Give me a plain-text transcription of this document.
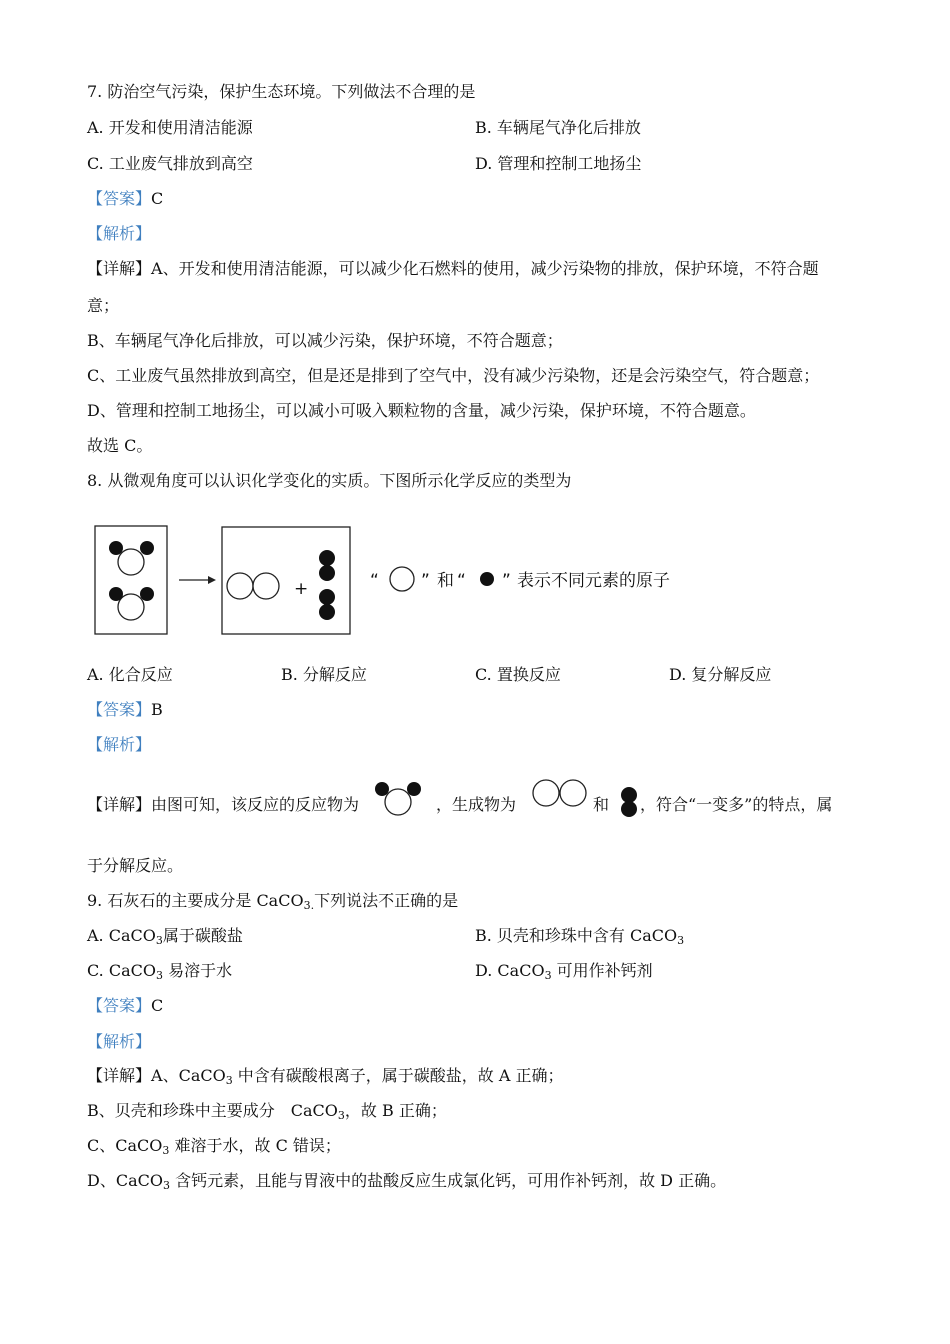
7. 防治空气污染，保护生态环境。下列做法不合理的是
A. 开发和使用清洁能源	B. 车辆尾气净化后排放
C. 工业废气排放到高空	D. 管理和控制工地扬尘
【答案】C
【解析】
【详解】A、开发和使用清洁能源，可以减少化石燃料的使用，减少污染物的排放，保护环境，不符合题
意；
B、车辆尾气净化后排放，可以减少污染，保护环境，不符合题意；
C、工业废气虽然排放到高空，但是还是排到了空气中，没有减少污染物，还是会污染空气，符合题意；
D、管理和控制工地扬尘，可以减小可吸入颗粒物的含量，减少污染，保护环境，不符合题意。
故选 C。
8. 从微观角度可以认识化学变化的实质。下图所示化学反应的类型为
+	“ ” 和 “ ” 表示不同元素的原子
A. 化合反应	B. 分解反应	C. 置换反应	D. 复分解反应
【答案】B
【解析】
【详解】由图可知，该反应的反应物为	，生成物为	和 ，符合“一变多”的特点，属
于分解反应。
9. 石灰石的主要成分是 CaCO$_{3.}$下列说法不正确的是
A. CaCO$_3$属于碳酸盐	B. 贝壳和珍珠中含有 CaCO$_3$
C. CaCO$_3$ 易溶于水	D. CaCO$_3$ 可用作补钙剂
【答案】C
【解析】
【详解】A、CaCO$_3$ 中含有碳酸根离子，属于碳酸盐，故 A 正确；
B、贝壳和珍珠中主要成分　CaCO$_3$，故 B 正确；
C、CaCO$_3$ 难溶于水，故 C 错误；
D、CaCO$_3$ 含钙元素，且能与胃液中的盐酸反应生成氯化钙，可用作补钙剂，故 D 正确。
